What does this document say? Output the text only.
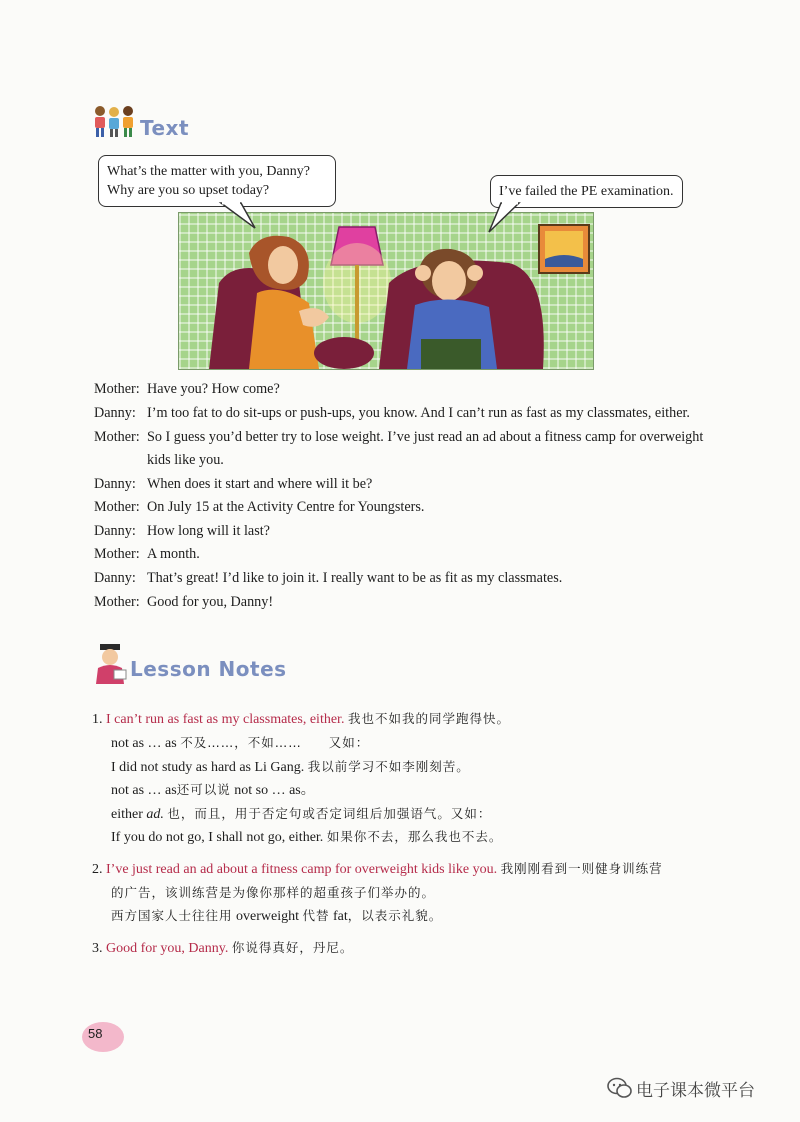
Text
What’s the matter with you, Danny?
Why are you so upset today?	I’ve failed the PE examination.
Mother: Have you? How come?
Danny: I’m too fat to do sit-ups or push-ups, you know. And I can’t run as fast as my classmates, either.
Mother: So I guess you’d better try to lose weight. I’ve just read an ad about a fitness camp for overweight
kids like you.
Danny: When does it start and where will it be?
Mother: On July 15 at the Activity Centre for Youngsters.
Danny: How long will it last?
Mother: A month.
Danny: That’s great! I’d like to join it. I really want to be as fit as my classmates.
Mother: Good for you, Danny!
Lesson Notes
1. I can’t run as fast as my classmates, either. 我也不如我的同学跑得快。
not as … as 不及……，不如……　　又如：
I did not study as hard as Li Gang. 我以前学习不如李刚刻苦。
not as … as还可以说 not so … as。
either ad. 也，而且，用于否定句或否定词组后加强语气。又如：
If you do not go, I shall not go, either. 如果你不去，那么我也不去。
2. I’ve just read an ad about a fitness camp for overweight kids like you. 我刚刚看到一则健身训练营
的广告，该训练营是为像你那样的超重孩子们举办的。
西方国家人士往往用 overweight 代替 fat，以表示礼貌。
3. Good for you, Danny. 你说得真好，丹尼。
58
电子课本微平台
